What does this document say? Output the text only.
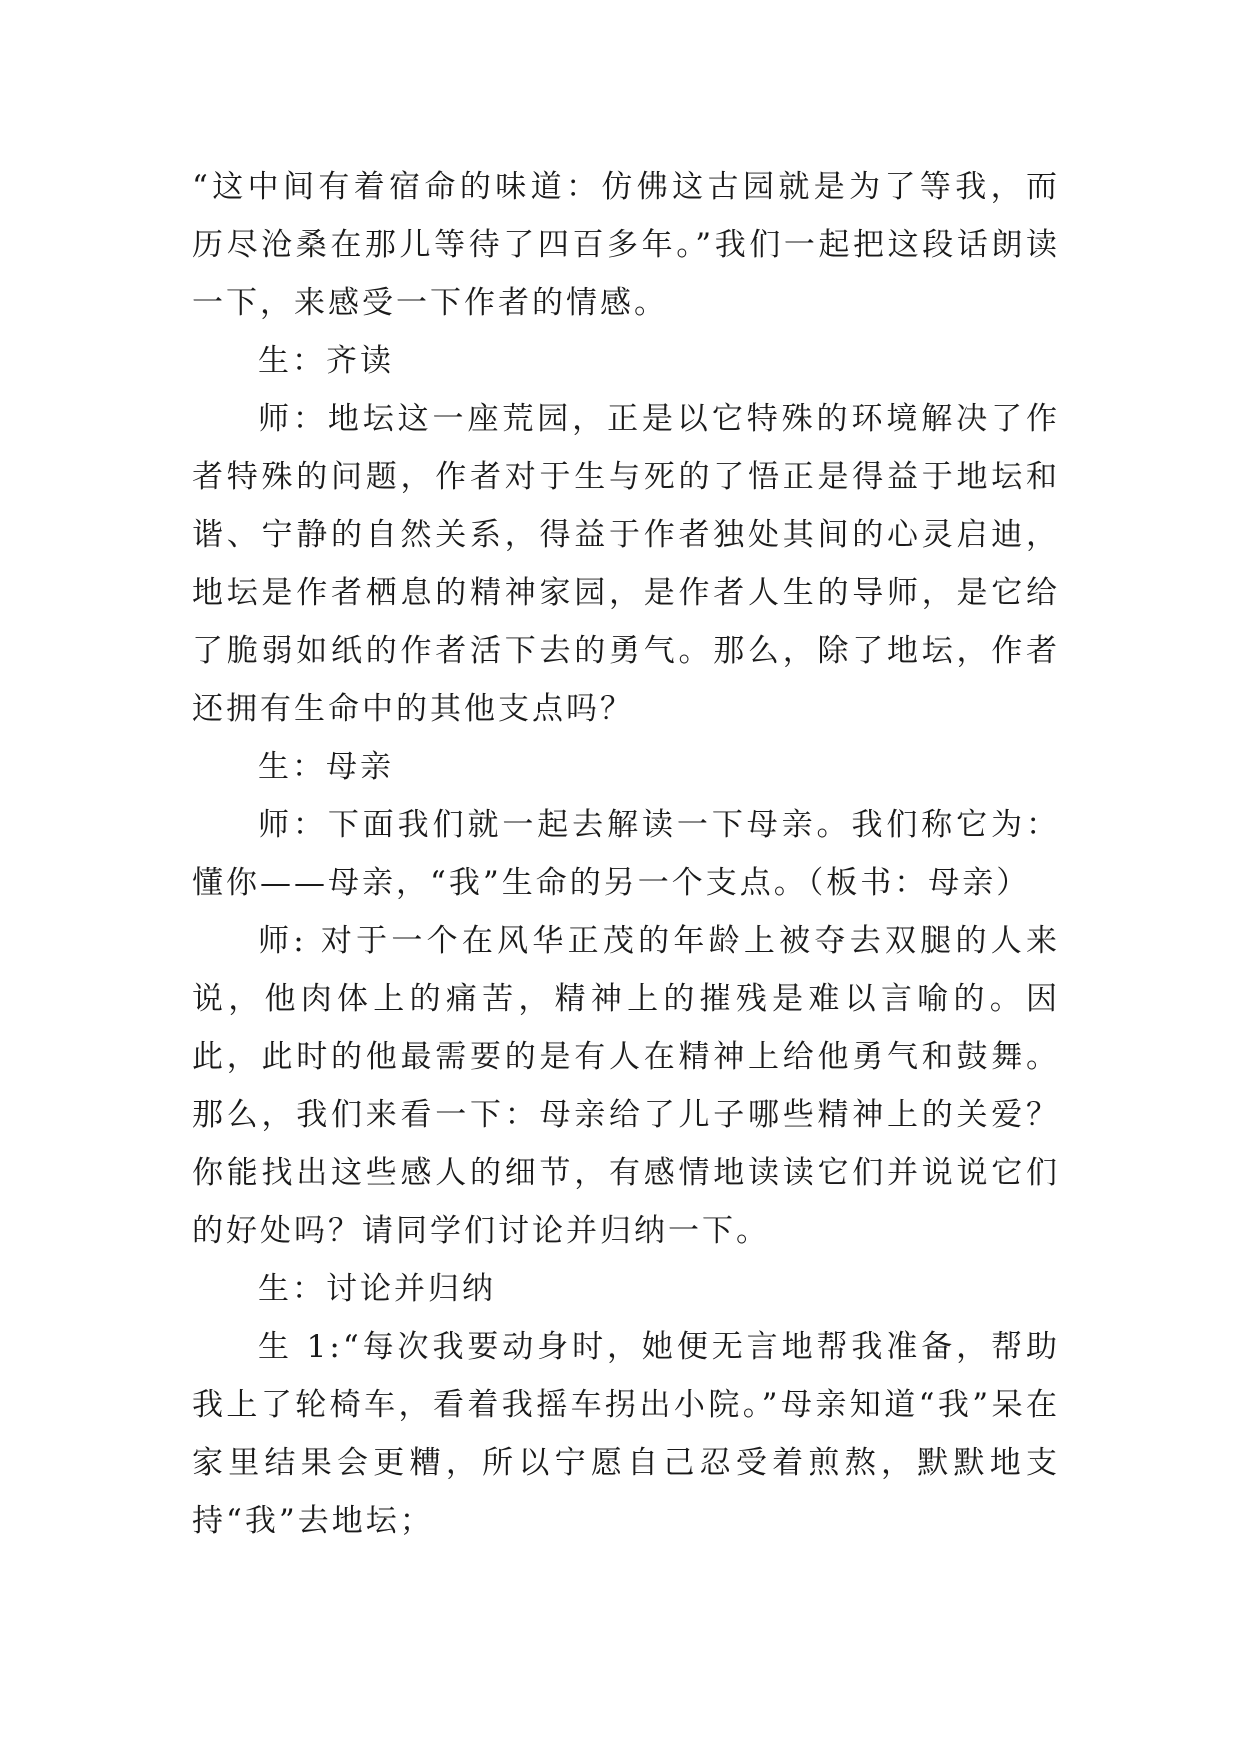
“这中间有着宿命的味道：仿佛这古园就是为了等我，而历尽沧桑在那儿等待了四百多年。”我们一起把这段话朗读一下，来感受一下作者的情感。

生：齐读

师：地坛这一座荒园，正是以它特殊的环境解决了作者特殊的问题，作者对于生与死的了悟正是得益于地坛和谐、宁静的自然关系，得益于作者独处其间的心灵启迪，地坛是作者栖息的精神家园，是作者人生的导师，是它给了脆弱如纸的作者活下去的勇气。那么，除了地坛，作者还拥有生命中的其他支点吗？

生：母亲

师：下面我们就一起去解读一下母亲。我们称它为：懂你——母亲，“我”生命的另一个支点。（板书：母亲）

师: 对于一个在风华正茂的年龄上被夺去双腿的人来说，他肉体上的痛苦，精神上的摧残是难以言喻的。因此，此时的他最需要的是有人在精神上给他勇气和鼓舞。那么，我们来看一下：母亲给了儿子哪些精神上的关爱？你能找出这些感人的细节，有感情地读读它们并说说它们的好处吗？请同学们讨论并归纳一下。

生：讨论并归纳

生 1:“每次我要动身时，她便无言地帮我准备，帮助我上了轮椅车，看着我摇车拐出小院。”母亲知道“我”呆在家里结果会更糟，所以宁愿自己忍受着煎熬，默默地支持“我”去地坛；
